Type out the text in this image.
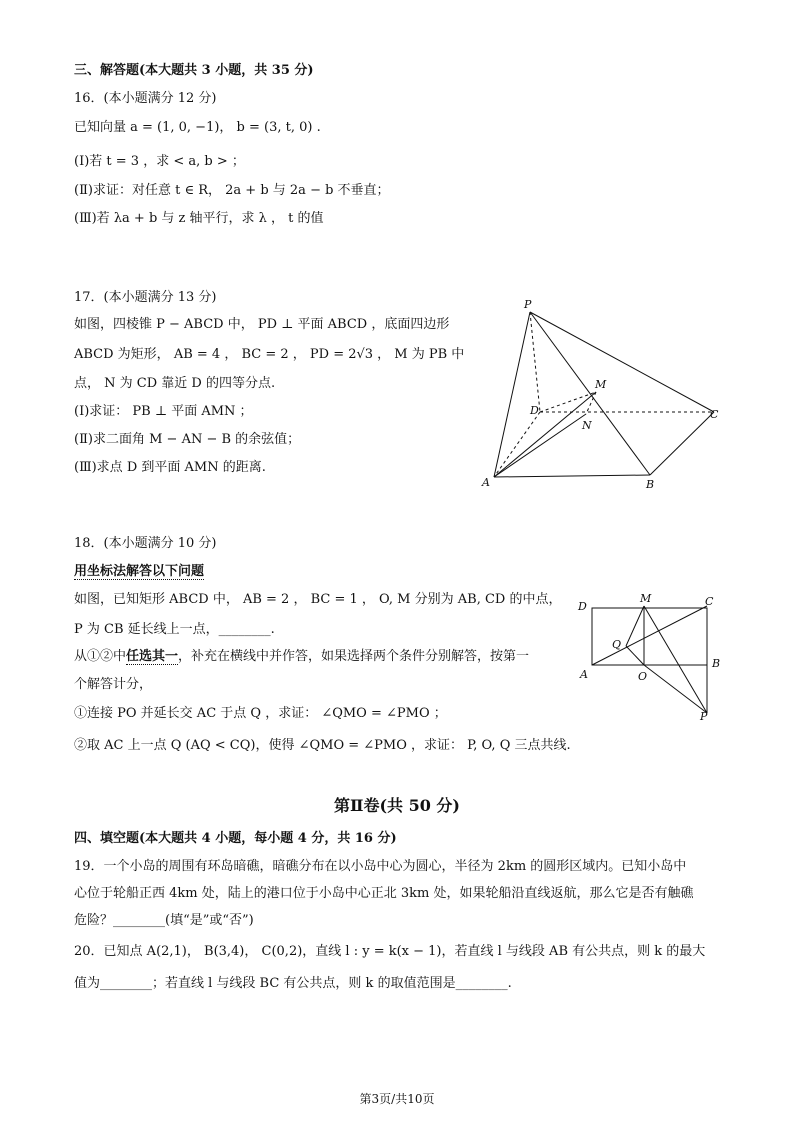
三、解答题(本大题共 3 小题，共 35 分)
16．(本小题满分 12 分)
已知向量 a = (1, 0, −1)， b = (3, t, 0) .
(I)若 t = 3 ，求 < a, b > ；
(Ⅱ)求证：对任意 t ∈ R， 2a + b 与 2a − b 不垂直；
(Ⅲ)若 λa + b 与 z 轴平行，求 λ ， t 的值
17．(本小题满分 13 分)
如图，四棱锥 P − ABCD 中， PD ⊥ 平面 ABCD ，底面四边形
ABCD 为矩形， AB = 4 ， BC = 2 ， PD = 2√3 ， M 为 PB 中
点， N 为 CD 靠近 D 的四等分点.
(I)求证： PB ⊥ 平面 AMN ；
(Ⅱ)求二面角 M − AN − B 的余弦值；
(Ⅲ)求点 D 到平面 AMN 的距离.
P
M
D
N
C
A	B
18．(本小题满分 10 分)
用坐标法解答以下问题
如图，已知矩形 ABCD 中， AB = 2 ， BC = 1 ， O, M 分别为 AB, CD 的中点，
P 为 CB 延长线上一点，________.
从①②中任选其一，补充在横线中并作答，如果选择两个条件分别解答，按第一
个解答计分，
①连接 PO 并延长交 AC 于点 Q ，求证： ∠QMO = ∠PMO ；
②取 AC 上一点 Q (AQ < CQ)，使得 ∠QMO = ∠PMO ，求证： P, O, Q 三点共线.
D
M	C
Q
B
A	O
P
第Ⅱ卷(共 50 分)
四、填空题(本大题共 4 小题，每小题 4 分，共 16 分)
19．一个小岛的周围有环岛暗礁，暗礁分布在以小岛中心为圆心，半径为 2km 的圆形区域内。已知小岛中
心位于轮船正西 4km 处，陆上的港口位于小岛中心正北 3km 处，如果轮船沿直线返航，那么它是否有触礁
危险？________(填“是”或“否”)
20．已知点 A(2,1)， B(3,4)， C(0,2)，直线 l : y = k(x − 1)，若直线 l 与线段 AB 有公共点，则 k 的最大
值为________；若直线 l 与线段 BC 有公共点，则 k 的取值范围是________.
第3页/共10页
